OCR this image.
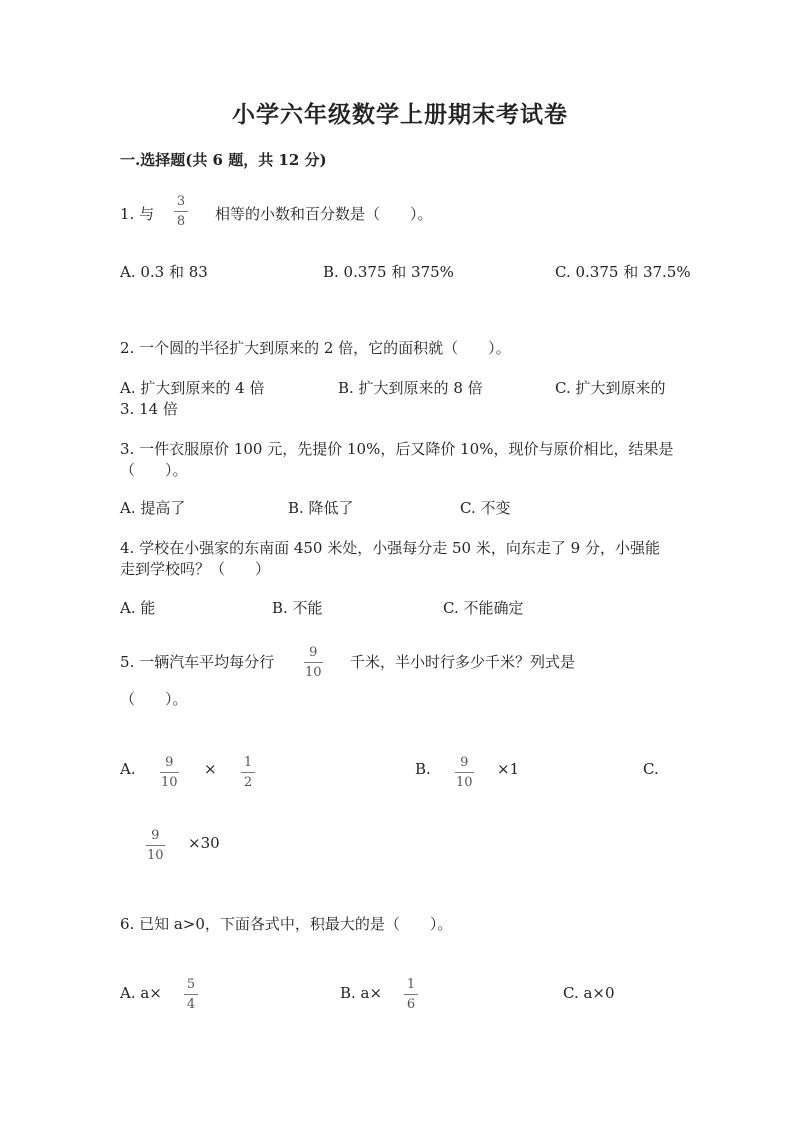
小学六年级数学上册期末考试卷
一.选择题(共 6 题，共 12 分)
1. 与
3
8 相等的小数和百分数是（　　）。
A. 0.3 和 83	B. 0.375 和 375%	C. 0.375 和 37.5%
2. 一个圆的半径扩大到原来的 2 倍，它的面积就（　　）。
A. 扩大到原来的 4 倍	B. 扩大到原来的 8 倍	C. 扩大到原来的
3. 14 倍
3. 一件衣服原价 100 元，先提价 10%，后又降价 10%，现价与原价相比，结果是
（　　）。
A. 提高了	B. 降低了	C. 不变
4. 学校在小强家的东南面 450 米处，小强每分走 50 米，向东走了 9 分，小强能
走到学校吗？（　　）
A. 能	B. 不能	C. 不能确定
5. 一辆汽车平均每分行
9
10
千米，半小时行多少千米？列式是
（　　）。
A. 9
10
× 1
2
B. 9
10
×1	C.
9
10
×30
6. 已知 a>0，下面各式中，积最大的是（　　）。
A. a× 5
4
B. a× 1
6
C. a×0
